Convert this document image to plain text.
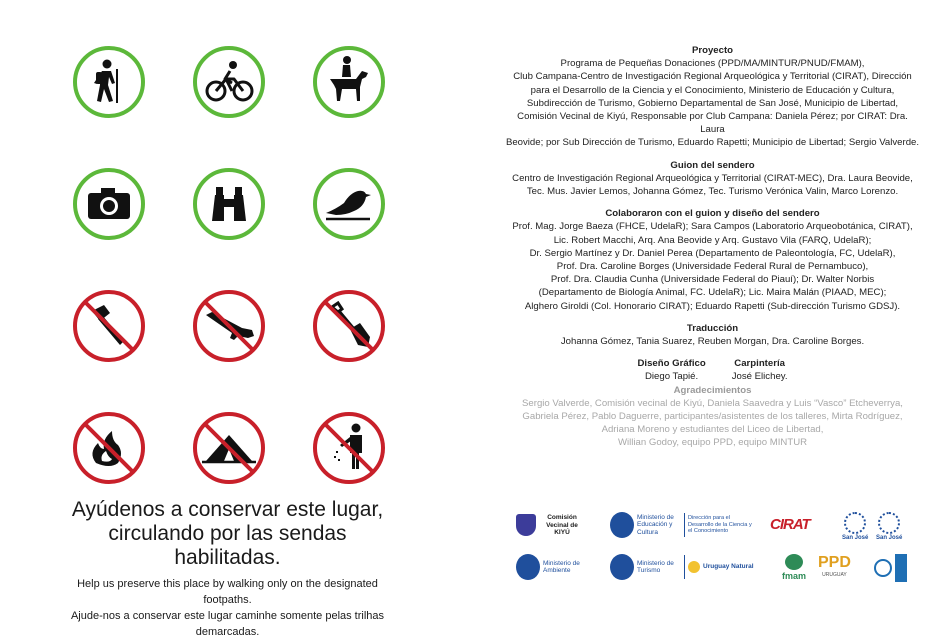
Ayúdenos a conservar este lugar,
circulando por las sendas habilitadas.
Help us preserve this place by walking only on the designated footpaths.
Ajude-nos a conservar este lugar caminhe somente pelas trilhas demarcadas.
Proyecto
Programa de Pequeñas Donaciones (PPD/MA/MINTUR/PNUD/FMAM),
Club Campana-Centro de Investigación Regional Arqueológica y Territorial (CIRAT), Dirección
para el Desarrollo de la Ciencia y el Conocimiento, Ministerio de Educación y Cultura,
Subdirección de Turismo, Gobierno Departamental de San José, Municipio de Libertad,
Comisión Vecinal de Kiyú, Responsable por Club Campana: Daniela Pérez; por CIRAT: Dra. Laura
Beovide; por Sub Dirección de Turismo, Eduardo Rapetti; Municipio de Libertad; Sergio Valverde.
Guion del sendero
Centro de Investigación Regional Arqueológica y Territorial (CIRAT-MEC), Dra. Laura Beovide,
Tec. Mus. Javier Lemos, Johanna Gómez, Tec. Turismo Verónica Valin, Marco Lorenzo.
Colaboraron con el guion y diseño del sendero
Prof. Mag. Jorge Baeza (FHCE, UdelaR); Sara Campos (Laboratorio Arqueobotánica, CIRAT),
Lic. Robert Macchi, Arq. Ana Beovide y Arq. Gustavo Vila (FARQ, UdelaR);
Dr. Sergio Martínez y Dr. Daniel Perea (Departamento de Paleontología, FC, UdelaR),
Prof. Dra. Caroline Borges (Universidade Federal Rural de Pernambuco),
Prof. Dra. Claudia Cunha (Universidade Federal do Piauí); Dr. Walter Norbis
(Departamento de Biología Animal, FC. UdelaR); Lic. Maira Malán (PIAAD, MEC);
Alghero Giroldi (Col. Honorario CIRAT); Eduardo Rapetti (Sub-dirección Turismo GDSJ).
Traducción
Johanna Gómez, Tania Suarez, Reuben Morgan, Dra. Caroline Borges.
Diseño Gráfico
Diego Tapié.
Carpintería
José Elichey.
Agradecimientos
Sergio Valverde, Comisión vecinal de Kiyú, Daniela Saavedra y Luis “Vasco” Etcheverrya,
Gabriela Pérez, Pablo Daguerre, participantes/asistentes de los talleres, Mirta Rodríguez,
Adriana Moreno y estudiantes del Liceo de Libertad,
Willian Godoy, equipo PPD, equipo MINTUR
Comisión Vecinal de KIYÚ
Ministerio de Educación y Cultura
Dirección para el Desarrollo de la Ciencia y el Conocimiento	CIRAT
San José San José
Ministerio de Ambiente
Ministerio de Turismo
Uruguay Natural
fmam
PPD
URUGUAY
